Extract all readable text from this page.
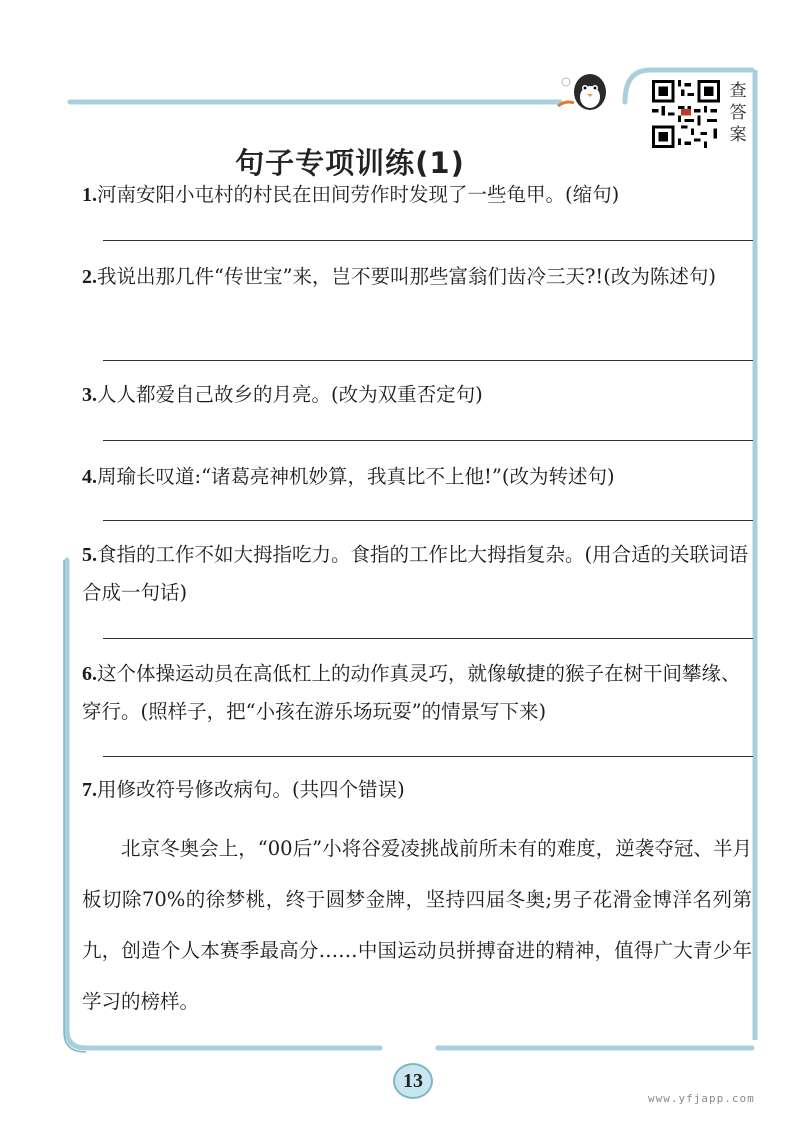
句子专项训练(1)
查答案
1.河南安阳小屯村的村民在田间劳作时发现了一些龟甲。(缩句)
2.我说出那几件“传世宝”来，岂不要叫那些富翁们齿冷三天?!(改为陈述句)
3.人人都爱自己故乡的月亮。(改为双重否定句)
4.周瑜长叹道:“诸葛亮神机妙算，我真比不上他!”(改为转述句)
5.食指的工作不如大拇指吃力。食指的工作比大拇指复杂。(用合适的关联词语合成一句话)
6.这个体操运动员在高低杠上的动作真灵巧，就像敏捷的猴子在树干间攀缘、穿行。(照样子，把“小孩在游乐场玩耍”的情景写下来)
7.用修改符号修改病句。(共四个错误)

北京冬奥会上，“00后”小将谷爱凌挑战前所未有的难度，逆袭夺冠、半月板切除70%的徐梦桃，终于圆梦金牌，坚持四届冬奥;男子花滑金博洋名列第九，创造个人本赛季最高分……中国运动员拼搏奋进的精神，值得广大青少年学习的榜样。

13
www.yfjapp.com
